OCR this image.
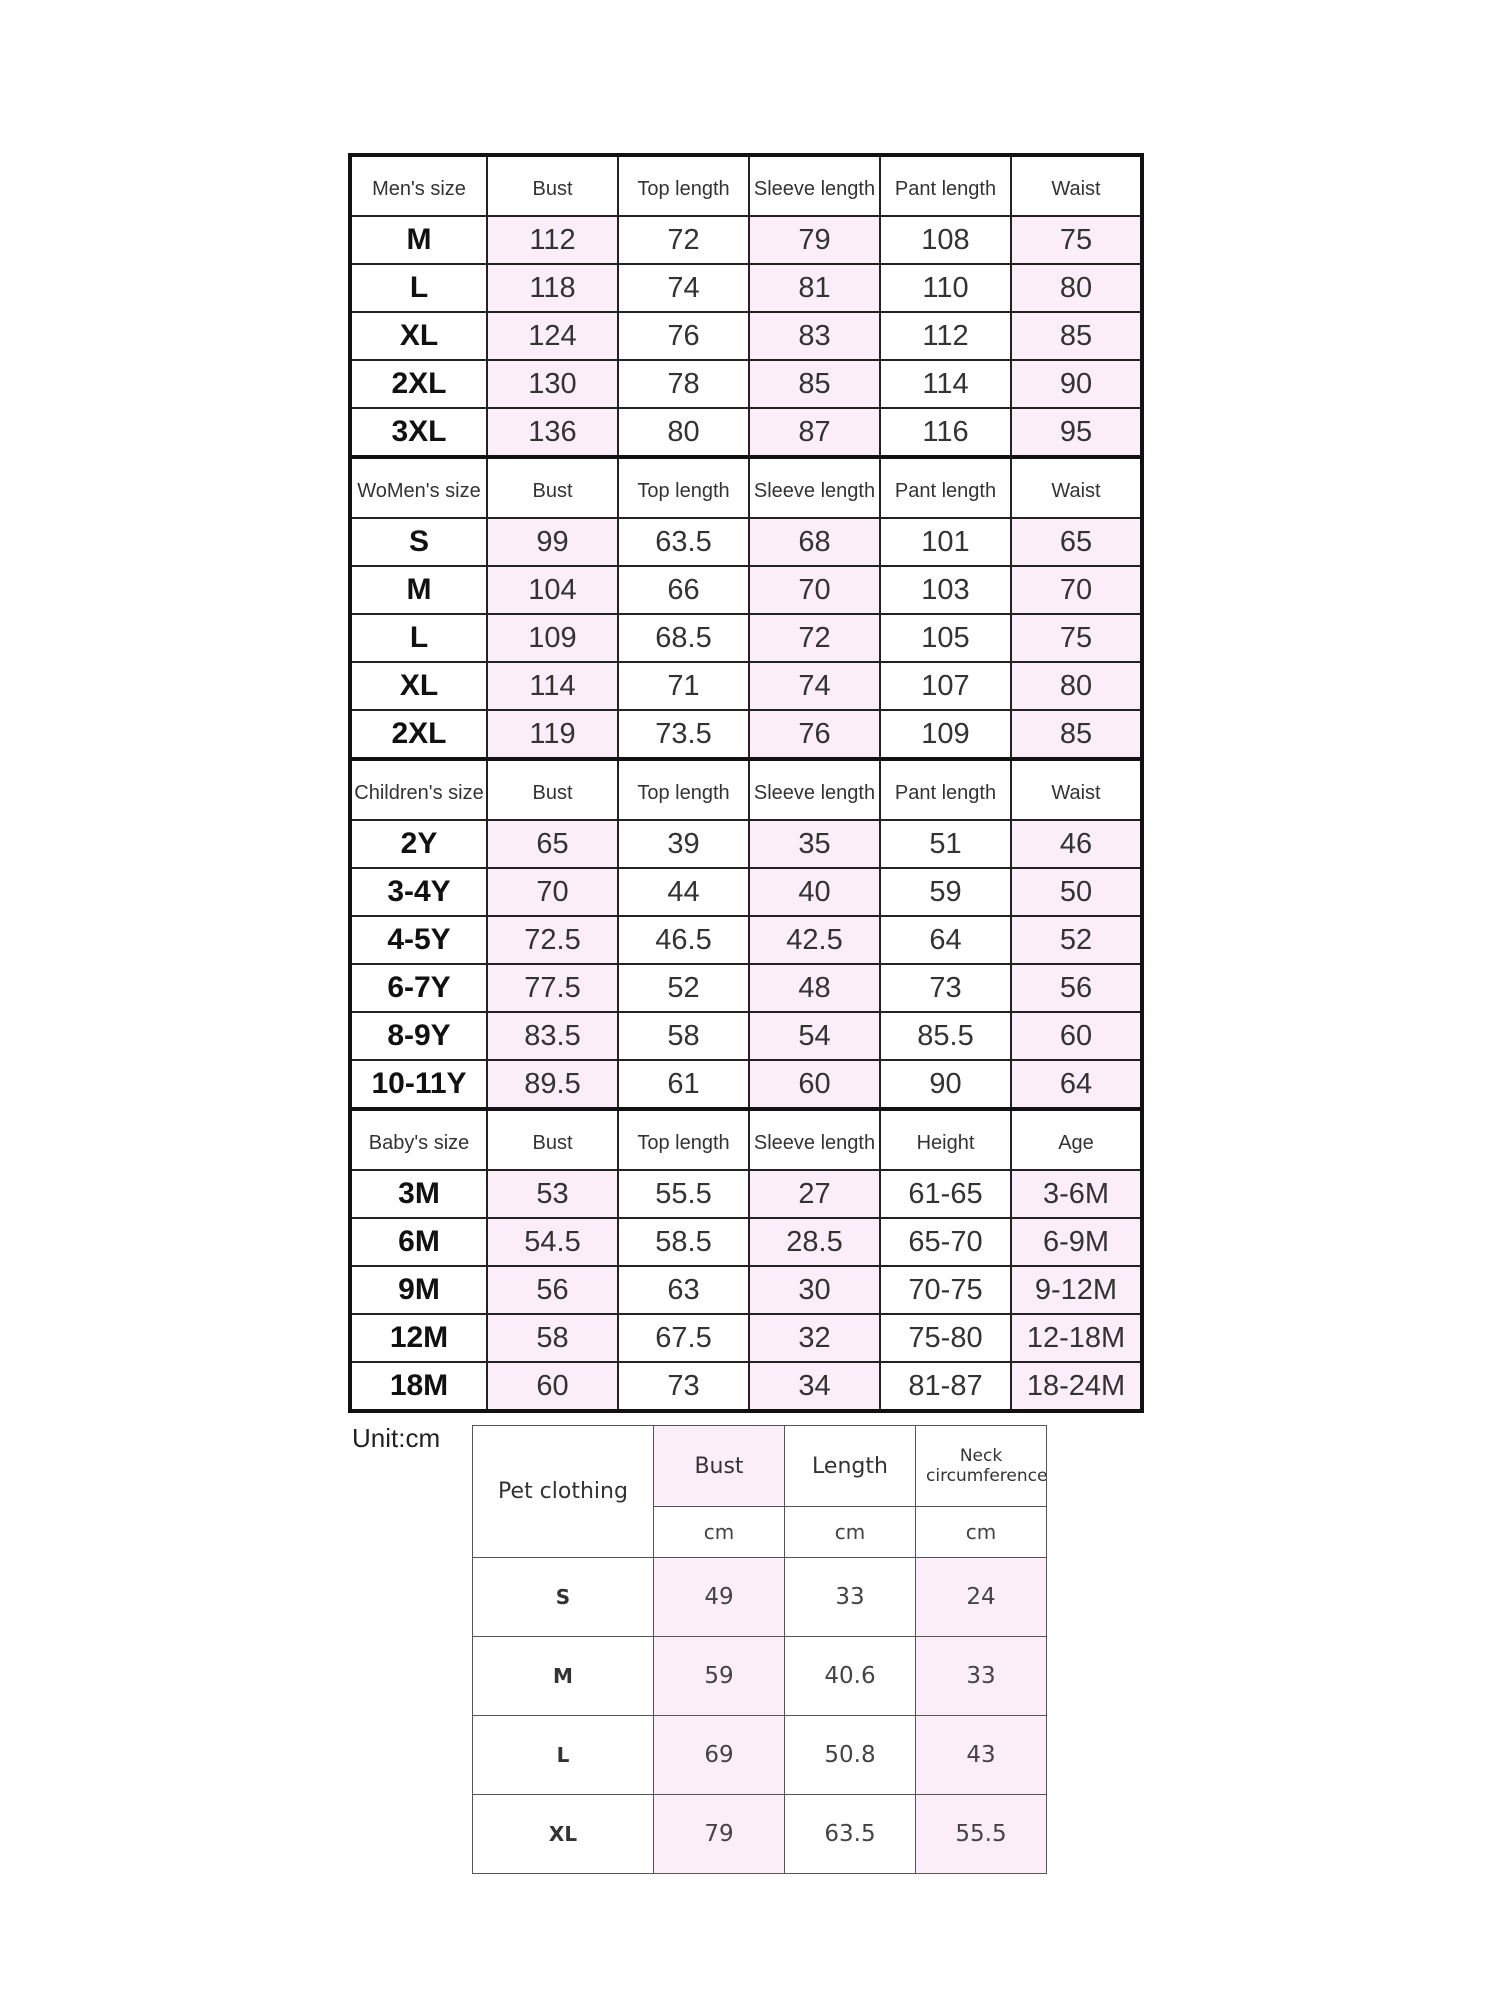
Men's size	Bust	Top length	Sleeve length	Pant length	Waist
M	112	72	79	108	75
L	118	74	81	110	80
XL	124	76	83	112	85
2XL	130	78	85	114	90
3XL	136	80	87	116	95
WoMen's size	Bust	Top length	Sleeve length	Pant length	Waist
S	99	63.5	68	101	65
M	104	66	70	103	70
L	109	68.5	72	105	75
XL	114	71	74	107	80
2XL	119	73.5	76	109	85
Children's size	Bust	Top length	Sleeve length	Pant length	Waist
2Y	65	39	35	51	46
3-4Y	70	44	40	59	50
4-5Y	72.5	46.5	42.5	64	52
6-7Y	77.5	52	48	73	56
8-9Y	83.5	58	54	85.5	60
10-11Y	89.5	61	60	90	64
Baby's size	Bust	Top length	Sleeve length	Height	Age
3M	53	55.5	27	61-65	3-6M
6M	54.5	58.5	28.5	65-70	6-9M
9M	56	63	30	70-75	9-12M
12M	58	67.5	32	75-80	12-18M
18M	60	73	34	81-87	18-24M
Unit:cm
Pet clothing	Bust	Length	Neck circumference
	cm	cm	cm
S	49	33	24
M	59	40.6	33
L	69	50.8	43
XL	79	63.5	55.5
